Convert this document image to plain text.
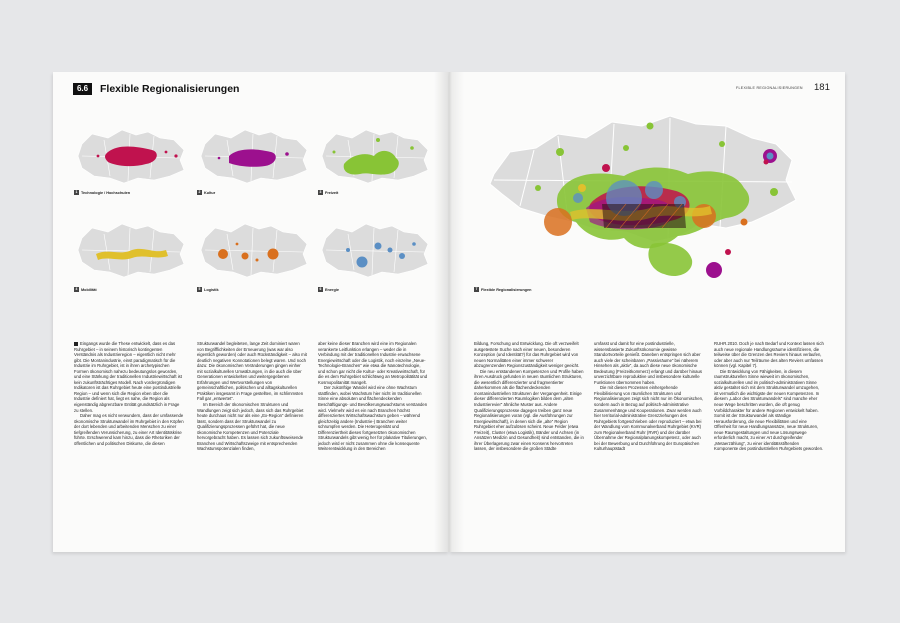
6.6	Flexible Regionalisierungen	FLEXIBLE REGIONALISIERUNGEN 181
1 Technologie / Hochschulen	2 Kultur	3 Freizeit
4 Mobilität	5 Logistik	6 Energie	7 Flexible Regionalisierungen

Eingangs wurde die These entwickelt, dass es das Ruhrgebiet – in seinem historisch kontingenten Verständnis als Industrieregion – eigentlich nicht mehr gibt. Die Montanindustrie, einst paradigmatisch für die Industrie im Ruhrgebiet, ist in ihren archetypischen Formen ökonomisch nahezu bedeutungslos geworden, und eine Stärkung der traditionellen Industriewirtschaft ist kein zukunftsträchtiges Modell. Nach vordergründigen Indikatoren ist das Ruhrgebiet heute eine postindustrielle Region – und wenn sich die Region eben über die Industrie definiert hat, liegt es nahe, die Region als eigenständig abgrenzbare Entität grundsätzlich in Frage zu stellen.

Daher mag es nicht verwundern, dass der umfassende ökonomische Strukturwandel im Ruhrgebiet in den Köpfen der dort lebenden und arbeitenden Menschen zu einer tiefgreifenden Verunsicherung, zu einer Art Identitätskrise führte. Erschwerend kam hinzu, dass die Rhetoriken der öffentlichen und politischen Diskurse, die diesen

Strukturwandel begleiteten, lange Zeit dominiert waren von Begrifflichkeiten der Erneuerung (was war also eigentlich geworden) oder auch Rückständigkeit – also mit deutlich negativen Konnotationen belegt waren. Und noch dazu: Die ökonomischen Veränderungen gingen einher mit sozialkulturellen Umwälzungen, in die auch die über Generationen entwickelten und weitergegebenen Erfahrungen und Wertvorstellungen von gemeinschaftlichen, politischen und alltagskulturellen Praktiken insgesamt in Frage gestellten, im schlimmsten Fall gar „entwertet“.

Im Bereich der ökonomischen Strukturen und Wandlungen zeigt sich jedoch, dass sich das Ruhrgebiet heute durchaus nicht nur als eine „Ex-Region“ definieren lässt, sondern dass der Strukturwandel zu Qualifizierungsprozessen geführt hat, die neue ökonomische Kompetenzen und Potenziale hervorgebracht haben. Es lassen sich zukunftsweisende Branchen und Wirtschaftszweige mit entsprechenden Wachstumspotenzialen finden,

aber keine dieser Branchen wird eine im Regionalen verankerte Leitfunktion erlangen – weder die in Verbindung mit der traditionellen Industrie erwachsene Energiewirtschaft oder die Logistik, noch einzelne „Neue-Technologie-Branchen“ wie etwa die Nanotechnologie, und schon gar nicht die Kultur- oder Kreativwirtschaft, für die es dem Ruhrgebiet schlichtweg an Metropolitätität und Kosmopolitanität mangelt.

Der zukünftige Wandel wird eine ohne Wachstum stattfinden, wobei Wachstum hier nicht im traditionellen Sinne eine absoluten und flächendeckenden Beschäftigungs- und Bevölkerungswachstums verstanden wird. Vielmehr wird es ein nach Branchen höchst differenziertes Wirtschaftswachstum geben – während gleichzeitig andere (Industrie-) Branchen weiter schrumpfen werden. Die Heterogenität und Differenziertheit dieses fortgesetzten ökonomischen Strukturwandels gibt wenig her für plakative Titulierungen, jedoch wird er nicht zusammen ohne die konsequente Weiterentwicklung in den Bereichen

Bildung, Forschung und Entwicklung. Die oft verzweifelt ausgetestete Suche nach einer neuen, besonderen Konzeption (und Identität?) für das Ruhrgebiet wird von neuen Normalitäten einer immer schwerer abzugrenzenden Regionszuständigkeit weniger geeicht.

Die neu entstandenen Kompetenzen und Profile haben ihren Ausdruck gefunden in neuen räumlichen Strukturen, die wesentlich differenzierter und fragmentierter daherkommen als die flächendeckenden montanindustriellen Strukturen der Vergangenheit. Einige dieser differenzierten Raumlogiken bilden dem „alten Industrierevier“ ähnliche Muster aus. Andere Qualifizierungsprozesse dagegen treiben ganz neue Regionalisierungen voran (vgl. die Ausführungen zur Energiewirtschaft), in denen sich die „alte“ Region Ruhrgebiet eher aufzulösen scheint. Neue Felder (etwa Freizeit), Cluster (etwa Logistik), Bänder und Achsen (in Ansätzen Medizin und Gesundheit) sind entstanden, die in ihrer Überlagerung zwar einen Konsens hervortreten lassen, der insbesondere die großen Städte

umfasst und damit für eine postindustrielle, wissensbasierte Zukunftsökonomie gewisse Standortvorteile genießt. Daneben entspringen sich aber auch viele der scheinbaren „Passivräume“ bei näherem Hinsehen als „aktiv“, da auch diese neue ökonomische Bedeutung (Freizeitkommerz) erlangt und darüber hinaus unverzichtbare reproduktive und insbesondere kulturelle Funktionen übernommen haben.

Die mit diesen Prozessen einhergehende Flexibilisierung von räumlichen Strukturen und Regionalisierungen zeigt sich nicht nur im Ökonomischen, sondern auch in Bezug auf politisch-administrative Zusammenhänge und Kooperationen. Zwar werden auch hier territorial-administrative Grenzziehungen des Ruhrgebiets fortgeschrieben oder reproduziert – etwa bei der Wandlung vom Kommunalverband Ruhrgebiet (KVR) zum Regionalverband Ruhr (RVR) und der darüber Übernahme der Regionalplanungskompetenz, oder auch bei der Bewerbung und Durchführung der Europäischen Kulturhauptstadt

RUHR.2010. Doch je nach Bedarf und Kontext lassen sich auch neue regionale Handlungsräume identifizieren, die teilweise über die Grenzen des Reviers hinaus verlaufen, oder aber auch nur Teilräume des alten Reviers umfassen können (vgl. Kapitel 7).

Die Entwicklung von Fähigkeiten, in diesem raumstrukturellen Sinne wieweit im ökonomischen, sozialkulturellen und im politisch-administrativen Sinne aktiv gestaltet sich mit dem Strukturwandel umzugehen, ist vermutlich die wichtigste der neuen Kompetenzen. In diesem „Labor des Strukturwandels“ sind manche eher neue Wege beschritten worden, die oft genug Vorbildcharakter für andere Regionen entwickelt haben. Somit ist der Strukturwandel als ständige Herausforderung, die neue Flexibilitäten und eine Offenheit für neue Handlungsansätze, neue Strukturen, neue Raumgestaltungen und neue Lösungswege erforderlich macht, zu einer Art durchgreifender „Metaerzählung“, zu einer identitätsstiftenden Komponente des postindustriellen Ruhrgebiets geworden.
